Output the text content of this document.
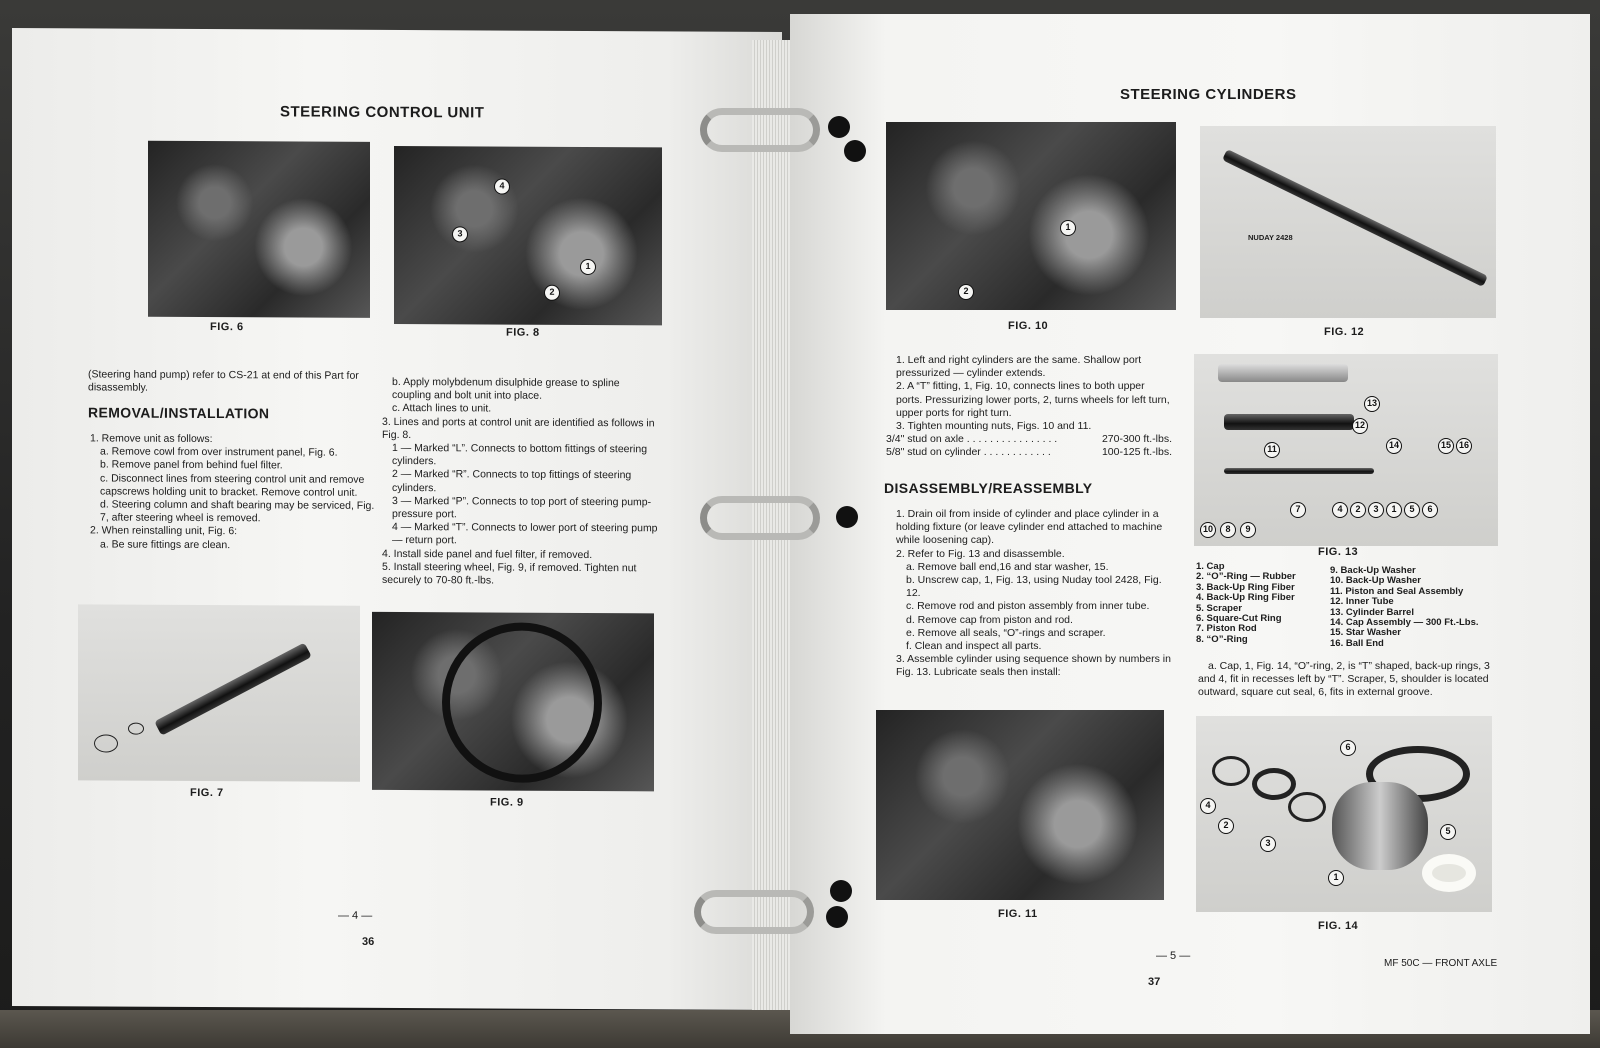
STEERING CONTROL UNIT
FIG. 6
4
3
1
2
FIG. 8
(Steering hand pump) refer to CS-21 at end of this Part for disassembly.
REMOVAL/INSTALLATION
1. Remove unit as follows:
a. Remove cowl from over instrument panel, Fig. 6.
b. Remove panel from behind fuel filter.
c. Disconnect lines from steering control unit and remove capscrews holding unit to bracket. Remove control unit.
d. Steering column and shaft bearing may be serviced, Fig. 7, after steering wheel is removed.
2. When reinstalling unit, Fig. 6:
a. Be sure fittings are clean.
b. Apply molybdenum disulphide grease to spline coupling and bolt unit into place.
c. Attach lines to unit.
3. Lines and ports at control unit are identified as follows in Fig. 8.
1 — Marked “L”. Connects to bottom fittings of steering cylinders.
2 — Marked “R”. Connects to top fittings of steering cylinders.
3 — Marked “P”. Connects to top port of steering pump-pressure port.
4 — Marked “T”. Connects to lower port of steering pump — return port.
4. Install side panel and fuel filter, if removed.
5. Install steering wheel, Fig. 9, if removed. Tighten nut securely to 70-80 ft.-lbs.
FIG. 7
FIG. 9
— 4 —
36
STEERING CYLINDERS
1
2
FIG. 10
NUDAY 2428
FIG. 12
1. Left and right cylinders are the same. Shallow port pressurized — cylinder extends.
2. A “T” fitting, 1, Fig. 10, connects lines to both upper ports. Pressurizing lower ports, 2, turns wheels for left turn, upper ports for right turn.
3. Tighten mounting nuts, Figs. 10 and 11.
3/4" stud on axle . . . . . . . . . . . . . . . .	270-300 ft.-lbs.
5/8" stud on cylinder . . . . . . . . . . . .	100-125 ft.-lbs.
DISASSEMBLY/REASSEMBLY
1. Drain oil from inside of cylinder and place cylinder in a holding fixture (or leave cylinder end attached to machine while loosening cap).
2. Refer to Fig. 13 and disassemble.
a. Remove ball end,16 and star washer, 15.
b. Unscrew cap, 1, Fig. 13, using Nuday tool 2428, Fig. 12.
c. Remove rod and piston assembly from inner tube.
d. Remove cap from piston and rod.
e. Remove all seals, “O”-rings and scraper.
f. Clean and inspect all parts.
3. Assemble cylinder using sequence shown by numbers in Fig. 13. Lubricate seals then install:
FIG. 11
13
12
11	14	15 16
7	4	2	3	1	5	6
10	8	9
FIG. 13
1. Cap
2. “O”-Ring — Rubber
3. Back-Up Ring Fiber
4. Back-Up Ring Fiber
5. Scraper
6. Square-Cut Ring
7. Piston Rod
8. “O”-Ring
9. Back-Up Washer
10. Back-Up Washer
11. Piston and Seal Assembly
12. Inner Tube
13. Cylinder Barrel
14. Cap Assembly — 300 Ft.-Lbs.
15. Star Washer
16. Ball End
a. Cap, 1, Fig. 14, “O”-ring, 2, is “T” shaped, back-up rings, 3 and 4, fit in recesses left by “T”. Scraper, 5, shoulder is located outward, square cut seal, 6, fits in external groove.
6
4
2
3
1
5
FIG. 14
— 5 —
37
MF 50C — FRONT AXLE
